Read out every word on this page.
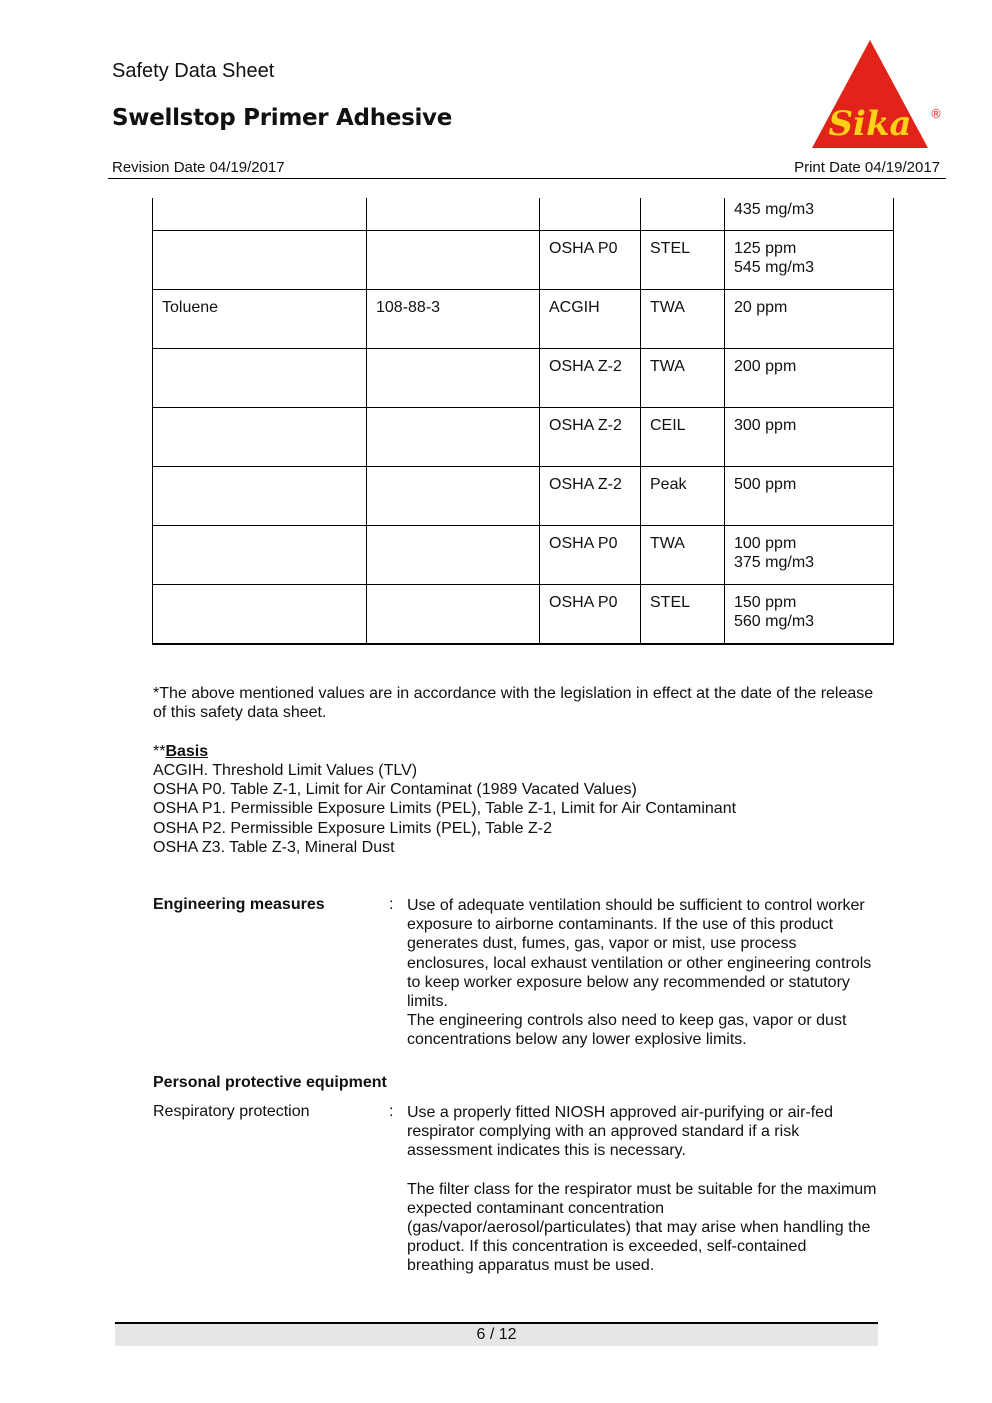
Safety Data Sheet
Swellstop Primer Adhesive
Revision Date 04/19/2017	Print Date 04/19/2017
Sika ®
				435 mg/m3
		OSHA P0	STEL	125 ppm
545 mg/m3
Toluene	108-88-3	ACGIH	TWA	20 ppm
		OSHA Z-2	TWA	200 ppm
		OSHA Z-2	CEIL	300 ppm
		OSHA Z-2	Peak	500 ppm
		OSHA P0	TWA	100 ppm
375 mg/m3
		OSHA P0	STEL	150 ppm
560 mg/m3
*The above mentioned values are in accordance with the legislation in effect at the date of the release of this safety data sheet.
**Basis
ACGIH. Threshold Limit Values (TLV)
OSHA P0. Table Z-1, Limit for Air Contaminat (1989 Vacated Values)
OSHA P1. Permissible Exposure Limits (PEL), Table Z-1, Limit for Air Contaminant
OSHA P2. Permissible Exposure Limits (PEL), Table Z-2
OSHA Z3. Table Z-3, Mineral Dust
Engineering measures	: Use of adequate ventilation should be sufficient to control worker exposure to airborne contaminants. If the use of this product generates dust, fumes, gas, vapor or mist, use process enclosures, local exhaust ventilation or other engineering controls to keep worker exposure below any recommended or statutory limits.
The engineering controls also need to keep gas, vapor or dust concentrations below any lower explosive limits.
Personal protective equipment
Respiratory protection	: Use a properly fitted NIOSH approved air-purifying or air-fed respirator complying with an approved standard if a risk assessment indicates this is necessary.
The filter class for the respirator must be suitable for the maximum expected contaminant concentration (gas/vapor/aerosol/particulates) that may arise when handling the product. If this concentration is exceeded, self-contained breathing apparatus must be used.
6 / 12
